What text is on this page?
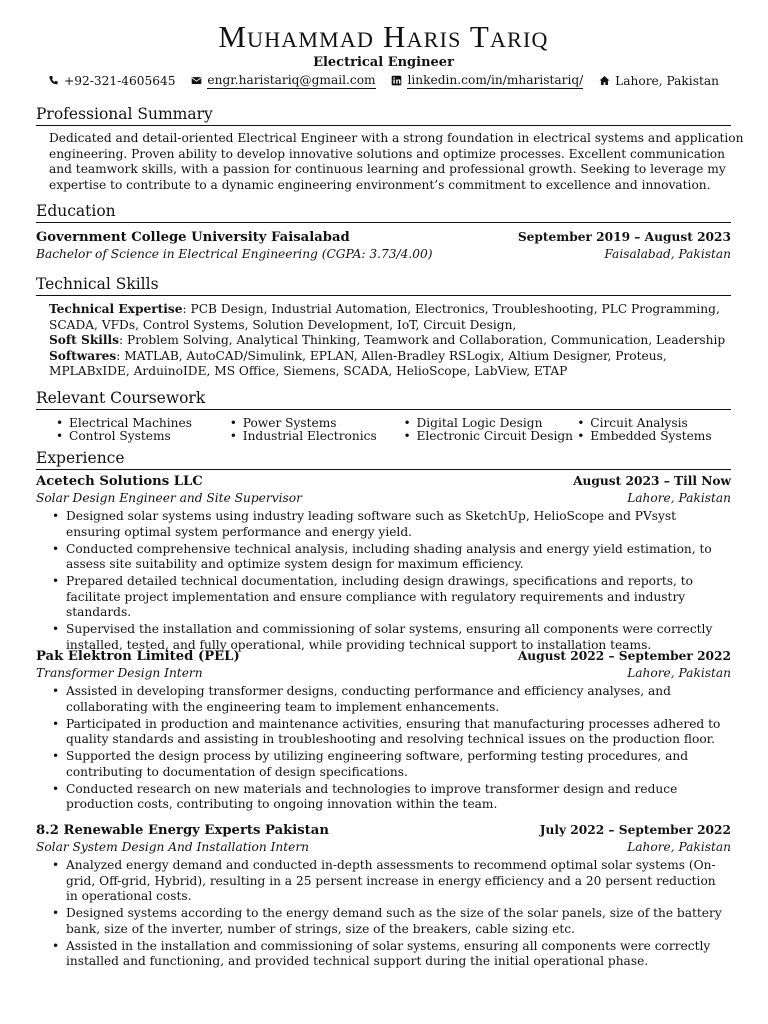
Muhammad Haris Tariq
Electrical Engineer
+92-321-4605645
	engr.haristariq@gmail.com
	linkedin.com/in/mharistariq/
	Lahore, Pakistan
Professional Summary
Dedicated and detail-oriented Electrical Engineer with a strong foundation in electrical systems and application engineering. Proven ability to develop innovative solutions and optimize processes. Excellent communication and teamwork skills, with a passion for continuous learning and professional growth. Seeking to leverage my expertise to contribute to a dynamic engineering environment’s commitment to excellence and innovation.
Education
Government College University Faisalabad	September 2019 – August 2023
Bachelor of Science in Electrical Engineering (CGPA: 3.73/4.00)	Faisalabad, Pakistan
Technical Skills
Technical Expertise: PCB Design, Industrial Automation, Electronics, Troubleshooting, PLC Programming, SCADA, VFDs, Control Systems, Solution Development, IoT, Circuit Design,
Soft Skills: Problem Solving, Analytical Thinking, Teamwork and Collaboration, Communication, Leadership
Softwares: MATLAB, AutoCAD/Simulink, EPLAN, Allen-Bradley RSLogix, Altium Designer, Proteus, MPLABxIDE, ArduinoIDE, MS Office, Siemens, SCADA, HelioScope, LabView, ETAP
Relevant Coursework
• Electrical Machines
• Control Systems
• Power Systems
• Industrial Electronics
• Digital Logic Design
• Electronic Circuit Design
• Circuit Analysis
• Embedded Systems
Experience
Acetech Solutions LLC	August 2023 – Till Now
Solar Design Engineer and Site Supervisor	Lahore, Pakistan
• Designed solar systems using industry leading software such as SketchUp, HelioScope and PVsyst ensuring optimal system performance and energy yield.
• Conducted comprehensive technical analysis, including shading analysis and energy yield estimation, to assess site suitability and optimize system design for maximum efficiency.
• Prepared detailed technical documentation, including design drawings, specifications and reports, to facilitate project implementation and ensure compliance with regulatory requirements and industry standards.
• Supervised the installation and commissioning of solar systems, ensuring all components were correctly installed, tested, and fully operational, while providing technical support to installation teams.
Pak Elektron Limited (PEL)	August 2022 – September 2022
Transformer Design Intern	Lahore, Pakistan
• Assisted in developing transformer designs, conducting performance and efficiency analyses, and collaborating with the engineering team to implement enhancements.
• Participated in production and maintenance activities, ensuring that manufacturing processes adhered to quality standards and assisting in troubleshooting and resolving technical issues on the production floor.
• Supported the design process by utilizing engineering software, performing testing procedures, and contributing to documentation of design specifications.
• Conducted research on new materials and technologies to improve transformer design and reduce production costs, contributing to ongoing innovation within the team.
8.2 Renewable Energy Experts Pakistan	July 2022 – September 2022
Solar System Design And Installation Intern	Lahore, Pakistan
• Analyzed energy demand and conducted in-depth assessments to recommend optimal solar systems (On-grid, Off-grid, Hybrid), resulting in a 25 persent increase in energy efficiency and a 20 persent reduction in operational costs.
• Designed systems according to the energy demand such as the size of the solar panels, size of the battery bank, size of the inverter, number of strings, size of the breakers, cable sizing etc.
• Assisted in the installation and commissioning of solar systems, ensuring all components were correctly installed and functioning, and provided technical support during the initial operational phase.
